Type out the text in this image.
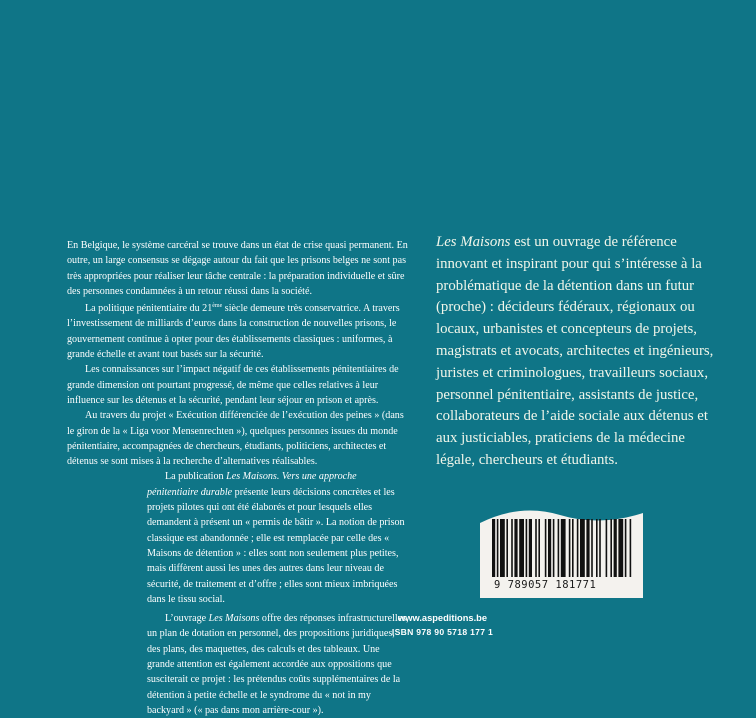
En Belgique, le système carcéral se trouve dans un état de crise quasi permanent. En outre, un large consensus se dégage autour du fait que les prisons belges ne sont pas très appropriées pour réaliser leur tâche centrale : la préparation individuelle et sûre des personnes condamnées à un retour réussi dans la société.

La politique pénitentiaire du 21ème siècle demeure très conservatrice. A travers l’investissement de milliards d’euros dans la construction de nouvelles prisons, le gouvernement continue à opter pour des établissements classiques : uniformes, à grande échelle et avant tout basés sur la sécurité.

Les connaissances sur l’impact négatif de ces établissements pénitentiaires de grande dimension ont pourtant progressé, de même que celles relatives à leur influence sur les détenus et la sécurité, pendant leur séjour en prison et après.

Au travers du projet « Exécution différenciée de l’exécution des peines » (dans le giron de la « Liga voor Mensenrechten »), quelques personnes issues du monde pénitentiaire, accompagnées de chercheurs, étudiants, politiciens, architectes et détenus se sont mises à la recherche d’alternatives réalisables.

La publication Les Maisons. Vers une approche pénitentiaire durable présente leurs décisions concrètes et les projets pilotes qui ont été élaborés et pour lesquels elles demandent à présent un « permis de bâtir ». La notion de prison classique est abandonnée ; elle est remplacée par celle des « Maisons de détention » : elles sont non seulement plus petites, mais diffèrent aussi les unes des autres dans leur niveau de sécurité, de traitement et d’offre ; elles sont mieux imbriquées dans le tissu social.

L’ouvrage Les Maisons offre des réponses infrastructurelles, un plan de dotation en personnel, des propositions juridiques, des plans, des maquettes, des calculs et des tableaux. Une grande attention est également accordée aux oppositions que susciterait ce projet : les prétendus coûts supplémentaires de la détention à petite échelle et le syndrome du « not in my backyard » (« pas dans mon arrière-cour »).

Les Maisons est un ouvrage de référence innovant et inspirant pour qui s’intéresse à la problématique de la détention dans un futur (proche) : décideurs fédéraux, régionaux ou locaux, urbanistes et concepteurs de projets, magistrats et avocats, architectes et ingénieurs, juristes et criminologues, travailleurs sociaux, personnel pénitentiaire, assistants de justice, collaborateurs de l’aide sociale aux détenus et aux justiciables, praticiens de la médecine légale, chercheurs et étudiants.

9 789057 181771
www.aspeditions.be
ISBN 978 90 5718 177 1
